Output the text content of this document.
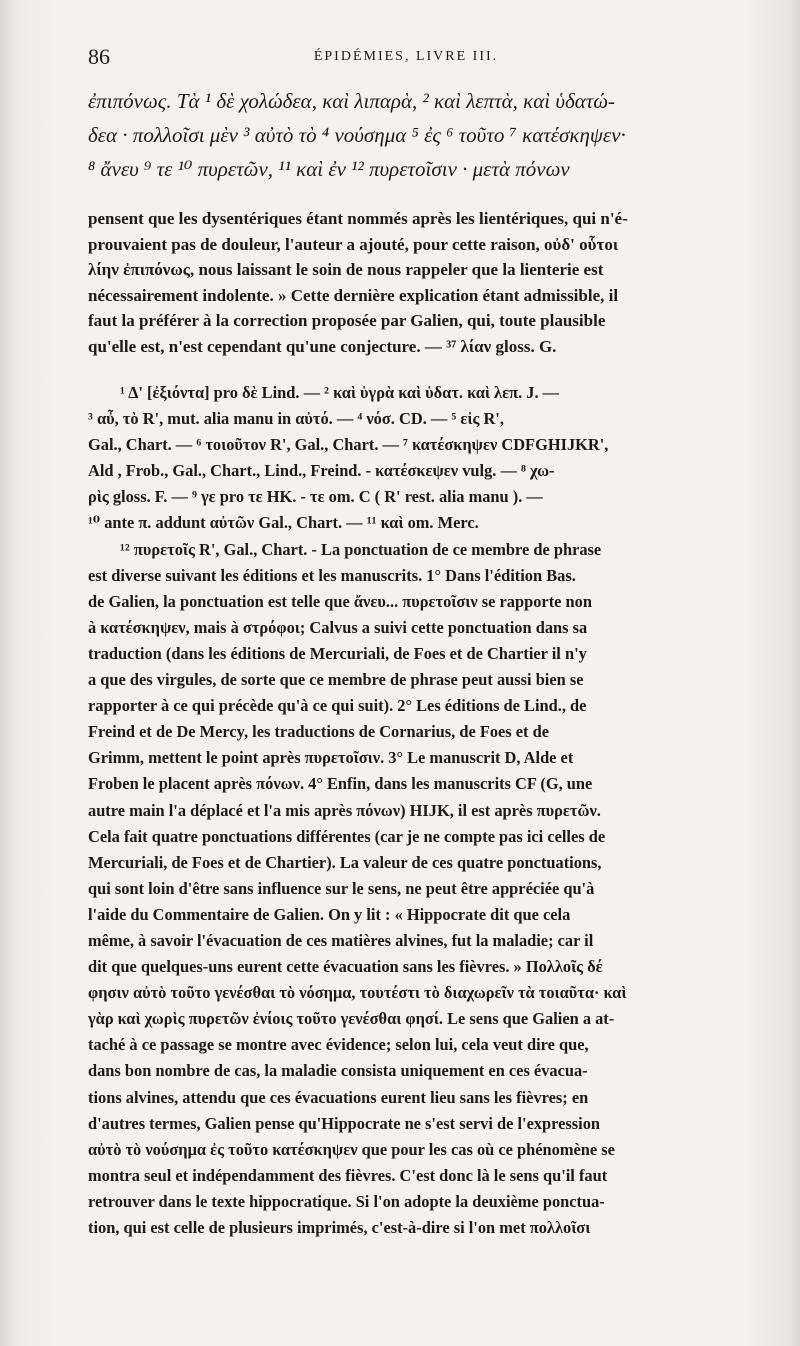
86	ÉPIDÉMIES, LIVRE III.

ἐπιπόνως. Τὰ ¹ δὲ χολώδεα, καὶ λιπαρὰ, ² καὶ λεπτὰ, καὶ ὑδατώ-

δεα · πολλοῖσι μὲν ³ αὐτὸ τὸ ⁴ νούσημα ⁵ ἐς ⁶ τοῦτο ⁷ κατέσκηψεν·

⁸ ἄνευ ⁹ τε ¹⁰ πυρετῶν, ¹¹ καὶ ἐν ¹² πυρετοῖσιν · μετὰ πόνων

pensent que les dysentériques étant nommés après les lientériques, qui n'é-

prouvaient pas de douleur, l'auteur a ajouté, pour cette raison, οὐδ' οὗτοι

λίην ἐπιπόνως, nous laissant le soin de nous rappeler que la lienterie est

nécessairement indolente. » Cette dernière explication étant admissible, il

faut la préférer à la correction proposée par Galien, qui, toute plausible

qu'elle est, n'est cependant qu'une conjecture. — ³⁷ λίαν gloss. G.

¹ Δ' [ἐξιόντα] pro δὲ Lind. — ² καὶ ὑγρὰ καὶ ὑδατ. καὶ λεπ. J. —

³ αὖ, τὸ R', mut. alia manu in αὐτό. — ⁴ νόσ. CD. — ⁵ εἰς R',

Gal., Chart. — ⁶ τοιοῦτον R', Gal., Chart. — ⁷ κατέσκηψεν CDFGHIJKR',

Ald , Frob., Gal., Chart., Lind., Freind. - κατέσκεψεν vulg. — ⁸ χω-

ρὶς gloss. F. — ⁹ γε pro τε HK. - τε om. C ( R' rest. alia manu ). —

¹⁰ ante π. addunt αὐτῶν Gal., Chart. — ¹¹ καὶ om. Merc.

¹² πυρετοῖς R', Gal., Chart. - La ponctuation de ce membre de phrase

est diverse suivant les éditions et les manuscrits. 1° Dans l'édition Bas.

de Galien, la ponctuation est telle que ἄνευ... πυρετοῖσιν se rapporte non

à κατέσκηψεν, mais à στρόφοι; Calvus a suivi cette ponctuation dans sa

traduction (dans les éditions de Mercuriali, de Foes et de Chartier il n'y

a que des virgules, de sorte que ce membre de phrase peut aussi bien se

rapporter à ce qui précède qu'à ce qui suit). 2° Les éditions de Lind., de

Freind et de De Mercy, les traductions de Cornarius, de Foes et de

Grimm, mettent le point après πυρετοῖσιν. 3° Le manuscrit D, Alde et

Froben le placent après πόνων. 4° Enfin, dans les manuscrits CF (G, une

autre main l'a déplacé et l'a mis après πόνων) HIJK, il est après πυρετῶν.

Cela fait quatre ponctuations différentes (car je ne compte pas ici celles de

Mercuriali, de Foes et de Chartier). La valeur de ces quatre ponctuations,

qui sont loin d'être sans influence sur le sens, ne peut être appréciée qu'à

l'aide du Commentaire de Galien. On y lit : « Hippocrate dit que cela

même, à savoir l'évacuation de ces matières alvines, fut la maladie; car il

dit que quelques-uns eurent cette évacuation sans les fièvres. » Πολλοῖς δέ

φησιν αὐτὸ τοῦτο γενέσθαι τὸ νόσημα, τουτέστι τὸ διαχωρεῖν τὰ τοιαῦτα· καὶ

γὰρ καὶ χωρὶς πυρετῶν ἐνίοις τοῦτο γενέσθαι φησί. Le sens que Galien a at-

taché à ce passage se montre avec évidence; selon lui, cela veut dire que,

dans bon nombre de cas, la maladie consista uniquement en ces évacua-

tions alvines, attendu que ces évacuations eurent lieu sans les fièvres; en

d'autres termes, Galien pense qu'Hippocrate ne s'est servi de l'expression

αὐτὸ τὸ νούσημα ἐς τοῦτο κατέσκηψεν que pour les cas où ce phénomène se

montra seul et indépendamment des fièvres. C'est donc là le sens qu'il faut

retrouver dans le texte hippocratique. Si l'on adopte la deuxième ponctua-

tion, qui est celle de plusieurs imprimés, c'est-à-dire si l'on met πολλοῖσι
